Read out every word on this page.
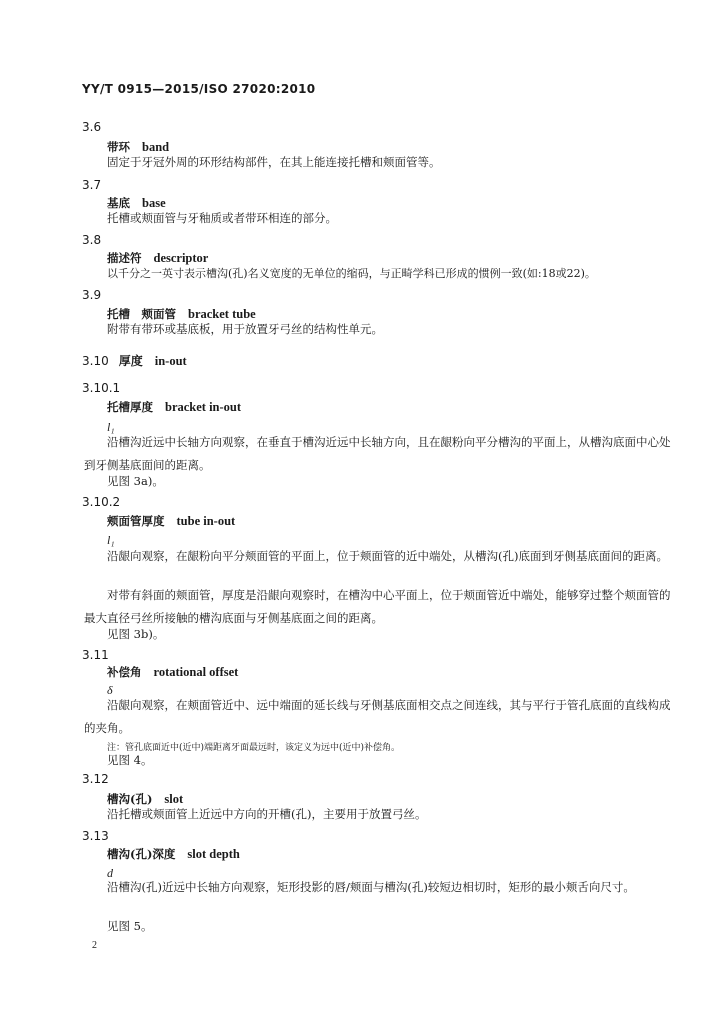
YY/T 0915—2015/ISO 27020:2010
3.6
带环 band
固定于牙冠外周的环形结构部件，在其上能连接托槽和颊面管等。
3.7
基底 base
托槽或颊面管与牙釉质或者带环相连的部分。
3.8
描述符 descriptor
以千分之一英寸表示槽沟(孔)名义宽度的无单位的缩码，与正畸学科已形成的惯例一致(如:18或22)。
3.9
托槽　颊面管 bracket tube
附带有带环或基底板，用于放置牙弓丝的结构性单元。
3.10 厚度 in-out
3.10.1
托槽厚度 bracket in-out
l₁
沿槽沟近远中长轴方向观察，在垂直于槽沟近远中长轴方向，且在龈粉向平分槽沟的平面上，从槽沟底面中心处到牙侧基底面间的距离。
见图 3a)。
3.10.2
颊面管厚度 tube in-out
l₁
沿龈向观察，在龈粉向平分颊面管的平面上，位于颊面管的近中端处，从槽沟(孔)底面到牙侧基底面间的距离。
对带有斜面的颊面管，厚度是沿龈向观察时，在槽沟中心平面上，位于颊面管近中端处，能够穿过整个颊面管的最大直径弓丝所接触的槽沟底面与牙侧基底面之间的距离。
见图 3b)。
3.11
补偿角 rotational offset
δ
沿龈向观察，在颊面管近中、远中端面的延长线与牙侧基底面相交点之间连线，其与平行于管孔底面的直线构成的夹角。
注：管孔底面近中(近中)端距离牙面最远时，该定义为远中(近中)补偿角。
见图 4。
3.12
槽沟(孔) slot
沿托槽或颊面管上近远中方向的开槽(孔)，主要用于放置弓丝。
3.13
槽沟(孔)深度 slot depth
d
沿槽沟(孔)近远中长轴方向观察，矩形投影的唇/颊面与槽沟(孔)较短边相切时，矩形的最小颊舌向尺寸。
见图 5。
2
